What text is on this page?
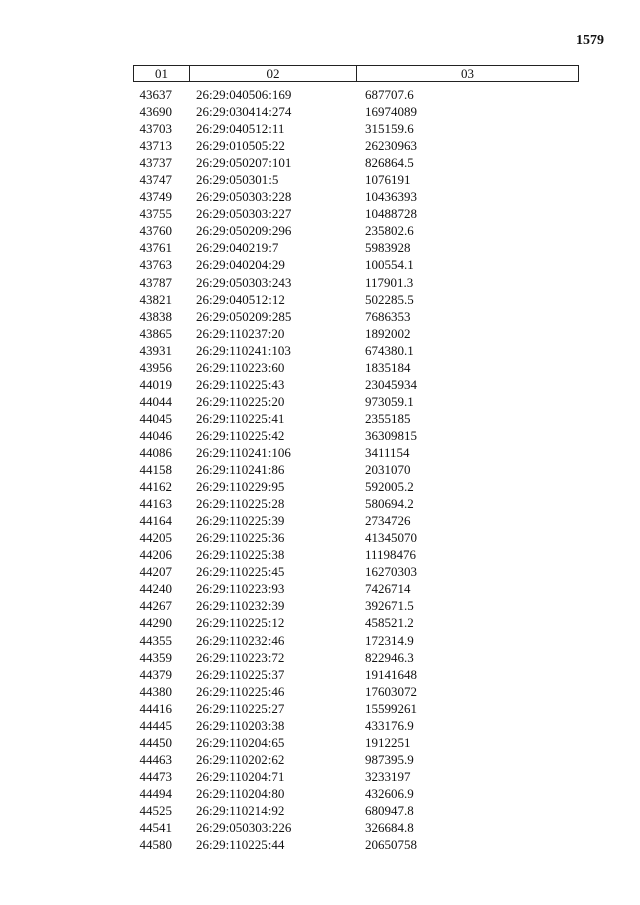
1579
01	02	03
43637	26:29:040506:169	687707.6
43690	26:29:030414:274	16974089
43703	26:29:040512:11	315159.6
43713	26:29:010505:22	26230963
43737	26:29:050207:101	826864.5
43747	26:29:050301:5	1076191
43749	26:29:050303:228	10436393
43755	26:29:050303:227	10488728
43760	26:29:050209:296	235802.6
43761	26:29:040219:7	5983928
43763	26:29:040204:29	100554.1
43787	26:29:050303:243	117901.3
43821	26:29:040512:12	502285.5
43838	26:29:050209:285	7686353
43865	26:29:110237:20	1892002
43931	26:29:110241:103	674380.1
43956	26:29:110223:60	1835184
44019	26:29:110225:43	23045934
44044	26:29:110225:20	973059.1
44045	26:29:110225:41	2355185
44046	26:29:110225:42	36309815
44086	26:29:110241:106	3411154
44158	26:29:110241:86	2031070
44162	26:29:110229:95	592005.2
44163	26:29:110225:28	580694.2
44164	26:29:110225:39	2734726
44205	26:29:110225:36	41345070
44206	26:29:110225:38	11198476
44207	26:29:110225:45	16270303
44240	26:29:110223:93	7426714
44267	26:29:110232:39	392671.5
44290	26:29:110225:12	458521.2
44355	26:29:110232:46	172314.9
44359	26:29:110223:72	822946.3
44379	26:29:110225:37	19141648
44380	26:29:110225:46	17603072
44416	26:29:110225:27	15599261
44445	26:29:110203:38	433176.9
44450	26:29:110204:65	1912251
44463	26:29:110202:62	987395.9
44473	26:29:110204:71	3233197
44494	26:29:110204:80	432606.9
44525	26:29:110214:92	680947.8
44541	26:29:050303:226	326684.8
44580	26:29:110225:44	20650758
